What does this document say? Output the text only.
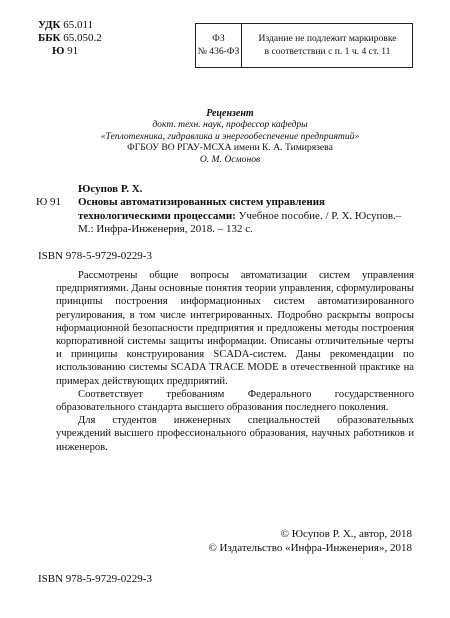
УДК 65.011
ББК 65.050.2
Ю 91
ФЗ
№ 436-ФЗ
Издание не подлежит маркировке
в соответствии с п. 1 ч. 4 ст. 11
Рецензент
докт. техн. наук, профессор кафедры
«Теплотехника, гидравлика и энергообеспечение предприятий»
ФГБОУ ВО РГАУ-МСХА имени К. А. Тимирязева
О. М. Осмонов
Ю 91
Юсупов Р. Х.
Основы автоматизированных систем управления технологическими процессами: Учебное пособие. / Р. Х. Юсупов.– М.: Инфра-Инженерия, 2018. – 132 с.
ISBN 978-5-9729-0229-3

Рассмотрены общие вопросы автоматизации систем управления предприятиями. Даны основные понятия теории управления, сформулированы принципы построения информационных систем автоматизированного регулирования, в том числе интегрированных. Подробно раскрыты вопросы нформационной безопасности предприятия и предложены методы построения корпоративной системы защиты информации. Описаны отличительные черты и принципы конструирования SCADA-систем. Даны рекомендации по использованию системы SCADA TRACE MODE в отечественной практике на примерах действующих предприятий.

Соответствует требованиям Федерального государственного образовательного стандарта высшего образования последнего поколения.

Для студентов инженерных специальностей образовательных учреждений высшего профессионального образования, научных работников и инженеров.

© Юсупов Р. Х., автор, 2018
© Издательство «Инфра-Инженерия», 2018
ISBN 978-5-9729-0229-3
